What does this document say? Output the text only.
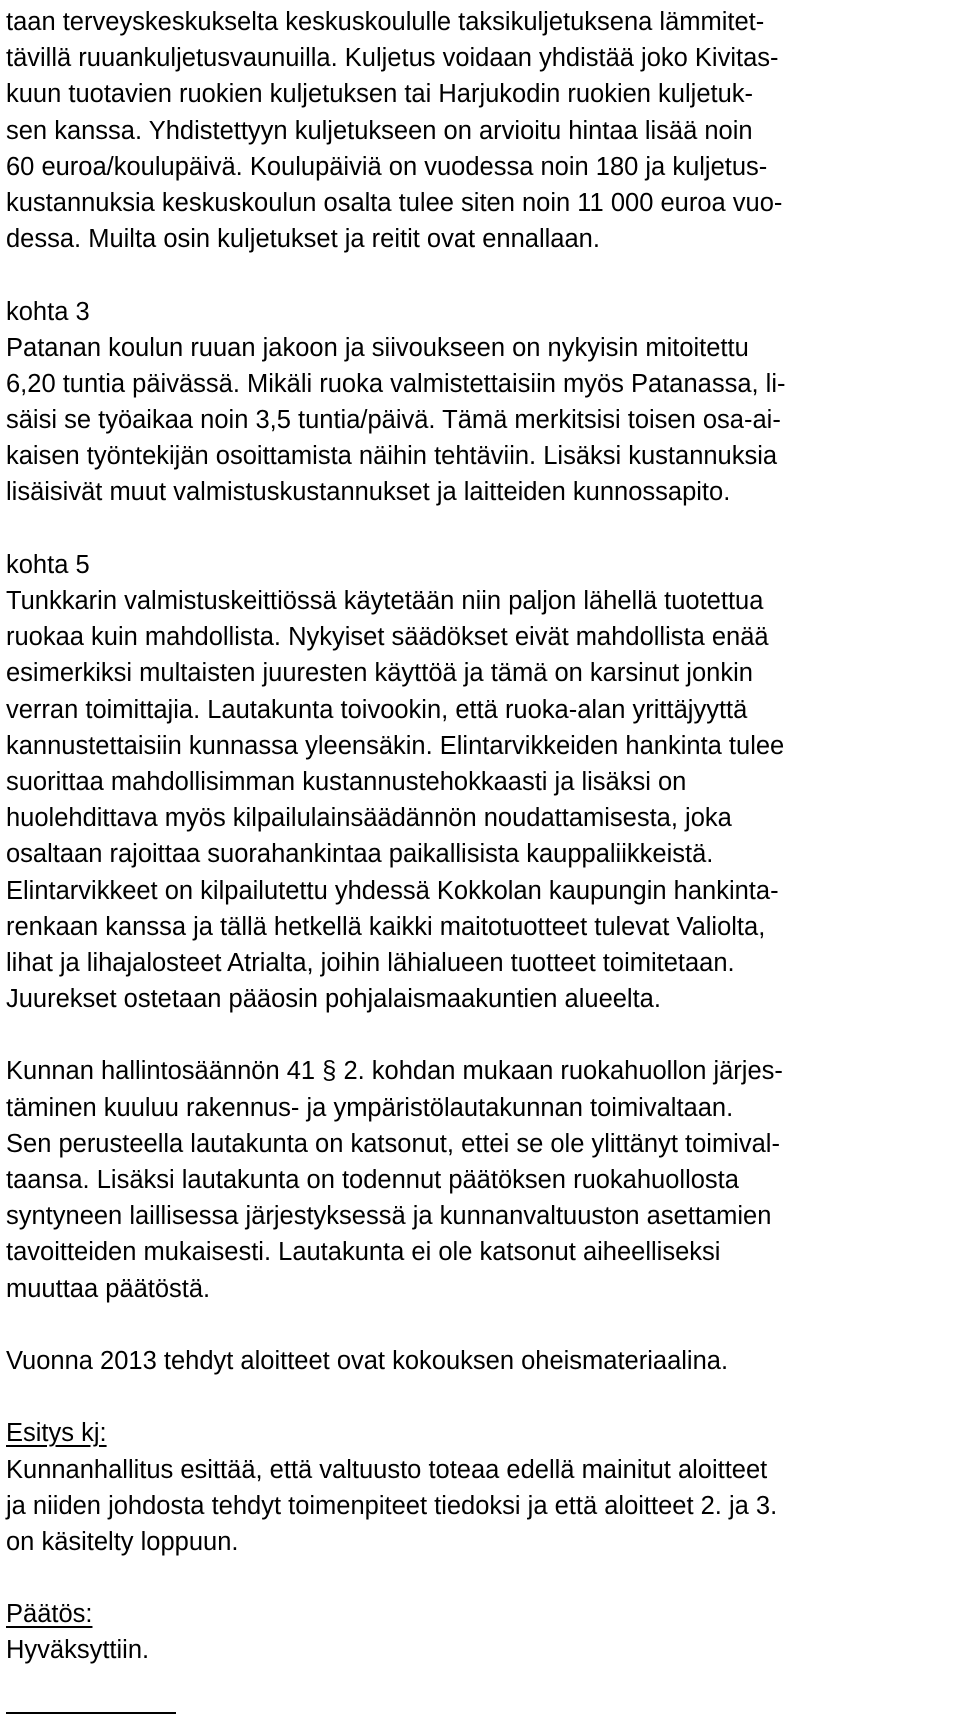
taan terveyskeskukselta keskuskoululle taksikuljetuksena lämmitet-
tävillä ruuankuljetusvaunuilla. Kuljetus voidaan yhdistää joko Kivitas-
kuun tuotavien ruokien kuljetuksen tai Harjukodin ruokien kuljetuk-
sen kanssa. Yhdistettyyn kuljetukseen on arvioitu hintaa lisää noin
60 euroa/koulupäivä. Koulupäiviä on vuodessa noin 180 ja kuljetus-
kustannuksia keskuskoulun osalta tulee siten noin 11 000 euroa vuo-
dessa. Muilta osin kuljetukset ja reitit ovat ennallaan.
kohta 3
Patanan koulun ruuan jakoon ja siivoukseen on nykyisin mitoitettu
6,20 tuntia päivässä. Mikäli ruoka valmistettaisiin myös Patanassa, li-
säisi se työaikaa noin 3,5 tuntia/päivä. Tämä merkitsisi toisen osa-ai-
kaisen työntekijän osoittamista näihin tehtäviin. Lisäksi kustannuksia
lisäisivät muut valmistuskustannukset ja laitteiden kunnossapito.
kohta 5
Tunkkarin valmistuskeittiössä käytetään niin paljon lähellä tuotettua
ruokaa kuin mahdollista. Nykyiset säädökset eivät mahdollista enää
esimerkiksi multaisten juuresten käyttöä ja tämä on karsinut jonkin
verran toimittajia. Lautakunta toivookin, että ruoka-alan yrittäjyyttä
kannustettaisiin kunnassa yleensäkin. Elintarvikkeiden hankinta tulee
suorittaa mahdollisimman kustannustehokkaasti ja lisäksi on
huolehdittava myös kilpailulainsäädännön noudattamisesta, joka
osaltaan rajoittaa suorahankintaa paikallisista kauppaliikkeistä.
Elintarvikkeet on kilpailutettu yhdessä Kokkolan kaupungin hankinta-
renkaan kanssa ja tällä hetkellä kaikki maitotuotteet tulevat Valiolta,
lihat ja lihajalosteet Atrialta, joihin lähialueen tuotteet toimitetaan.
Juurekset ostetaan pääosin pohjalaismaakuntien alueelta.
Kunnan hallintosäännön 41 § 2. kohdan mukaan ruokahuollon järjes-
täminen kuuluu rakennus- ja ympäristölautakunnan toimivaltaan.
Sen perusteella lautakunta on katsonut, ettei se ole ylittänyt toimival-
taansa. Lisäksi lautakunta on todennut päätöksen ruokahuollosta
syntyneen laillisessa järjestyksessä ja kunnanvaltuuston asettamien
tavoitteiden mukaisesti. Lautakunta ei ole katsonut aiheelliseksi
muuttaa päätöstä.
Vuonna 2013 tehdyt aloitteet ovat kokouksen oheismateriaalina.
Esitys kj:
Kunnanhallitus esittää, että valtuusto toteaa edellä mainitut aloitteet
ja niiden johdosta tehdyt toimenpiteet tiedoksi ja että aloitteet 2. ja 3.
on käsitelty loppuun.
Päätös:
Hyväksyttiin.
